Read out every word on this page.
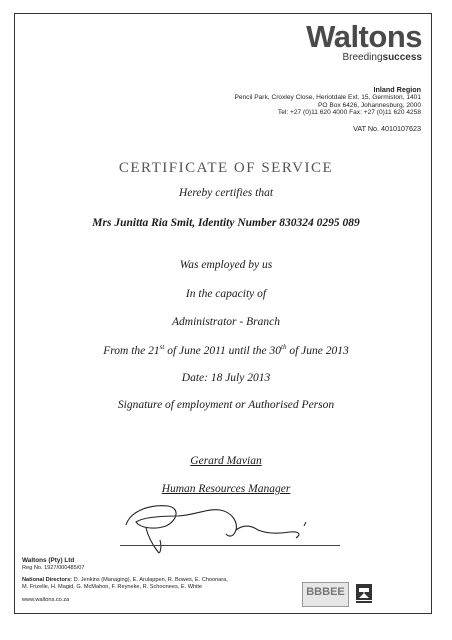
Waltons
Breedingsuccess
Inland Region
Pencil Park, Croxley Close, Heriotdale Ext. 15, Germiston, 1401
PO Box 6426, Johannesburg, 2000
Tel: +27 (0)11 620 4000 Fax: +27 (0)11 620 4258
VAT No. 4010107623
CERTIFICATE OF SERVICE
Hereby certifies that
Mrs Junitta Ria Smit, Identity Number 830324 0295 089
Was employed by us
In the capacity of
Administrator - Branch
From the 21st of June 2011 until the 30th of June 2013
Date: 18 July 2013
Signature of employment or Authorised Person
Gerard Mavian
Human Resources Manager
Waltons (Pty) Ltd
Reg No. 1927/000485/07
National Directors: D. Jenkins (Managing), E. Arulappen, R. Bowes, E. Choonara,
M. Frizelle, H. Magid, G. McMahon, F. Reyneke, R. Schoonees, E. White
www.waltons.co.za
BBBEE
